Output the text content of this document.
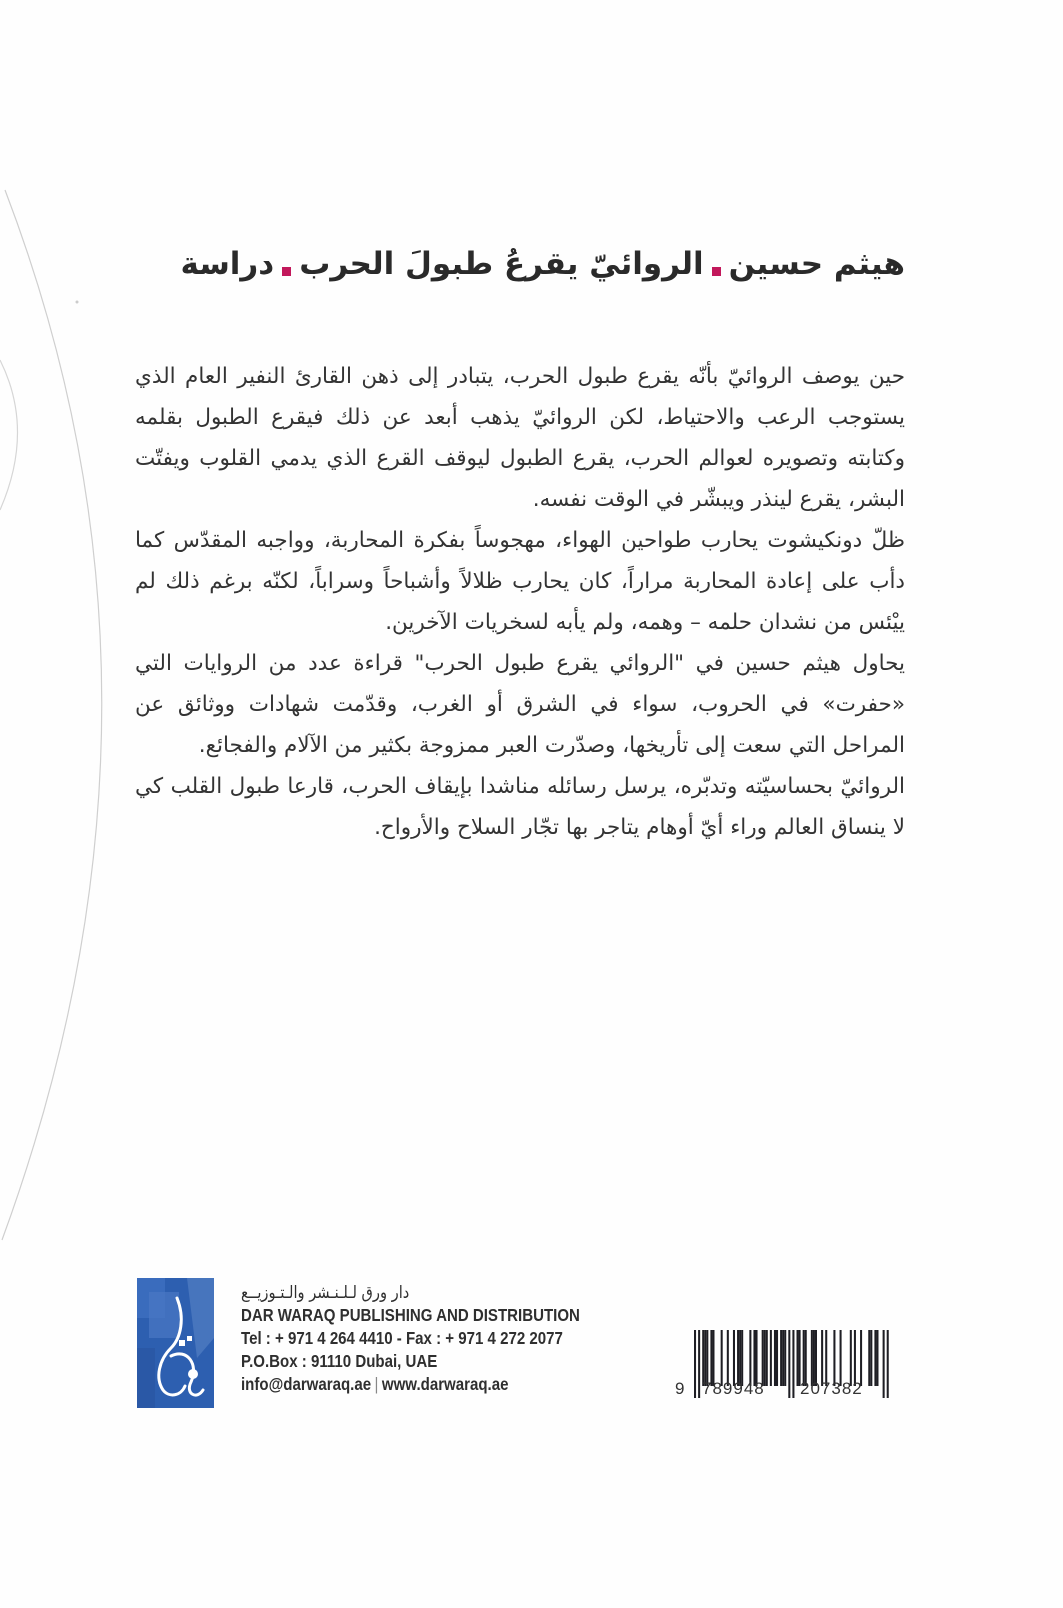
هيثم حسينالروائيّ يقرعُ طبولَ الحربدراسة

حين يوصف الروائيّ بأنّه يقرع طبول الحرب، يتبادر إلى ذهن القارئ النفير العام الذي يستوجب الرعب والاحتياط، لكن الروائيّ يذهب أبعد عن ذلك فيقرع الطبول بقلمه وكتابته وتصويره لعوالم الحرب، يقرع الطبول ليوقف القرع الذي يدمي القلوب ويفتّت البشر، يقرع لينذر ويبشّر في الوقت نفسه.

ظلّ دونكيشوت يحارب طواحين الهواء، مهجوساً بفكرة المحاربة، وواجبه المقدّس كما دأب على إعادة المحاربة مراراً، كان يحارب ظلالاً وأشباحاً وسراباً، لكنّه برغم ذلك لم ييْئس من نشدان حلمه – وهمه، ولم يأبه لسخريات الآخرين.

يحاول هيثم حسين في "الروائي يقرع طبول الحرب" قراءة عدد من الروايات التي «حفرت» في الحروب، سواء في الشرق أو الغرب، وقدّمت شهادات ووثائق عن المراحل التي سعت إلى تأريخها، وصدّرت العبر ممزوجة بكثير من الآلام والفجائع.

الروائيّ بحساسيّته وتدبّره، يرسل رسائله مناشدا بإيقاف الحرب، قارعا طبول القلب كي لا ينساق العالم وراء أيّ أوهام يتاجر بها تجّار السلاح والأرواح.

دار ورق لـلـنـشر والـتـوزيــع
DAR WARAQ PUBLISHING AND DISTRIBUTION
Tel : + 971 4 264 4410 - Fax : + 971 4 272 2077
P.O.Box : 91110 Dubai, UAE
info@darwaraq.ae | www.darwaraq.ae	9 789948 207382
